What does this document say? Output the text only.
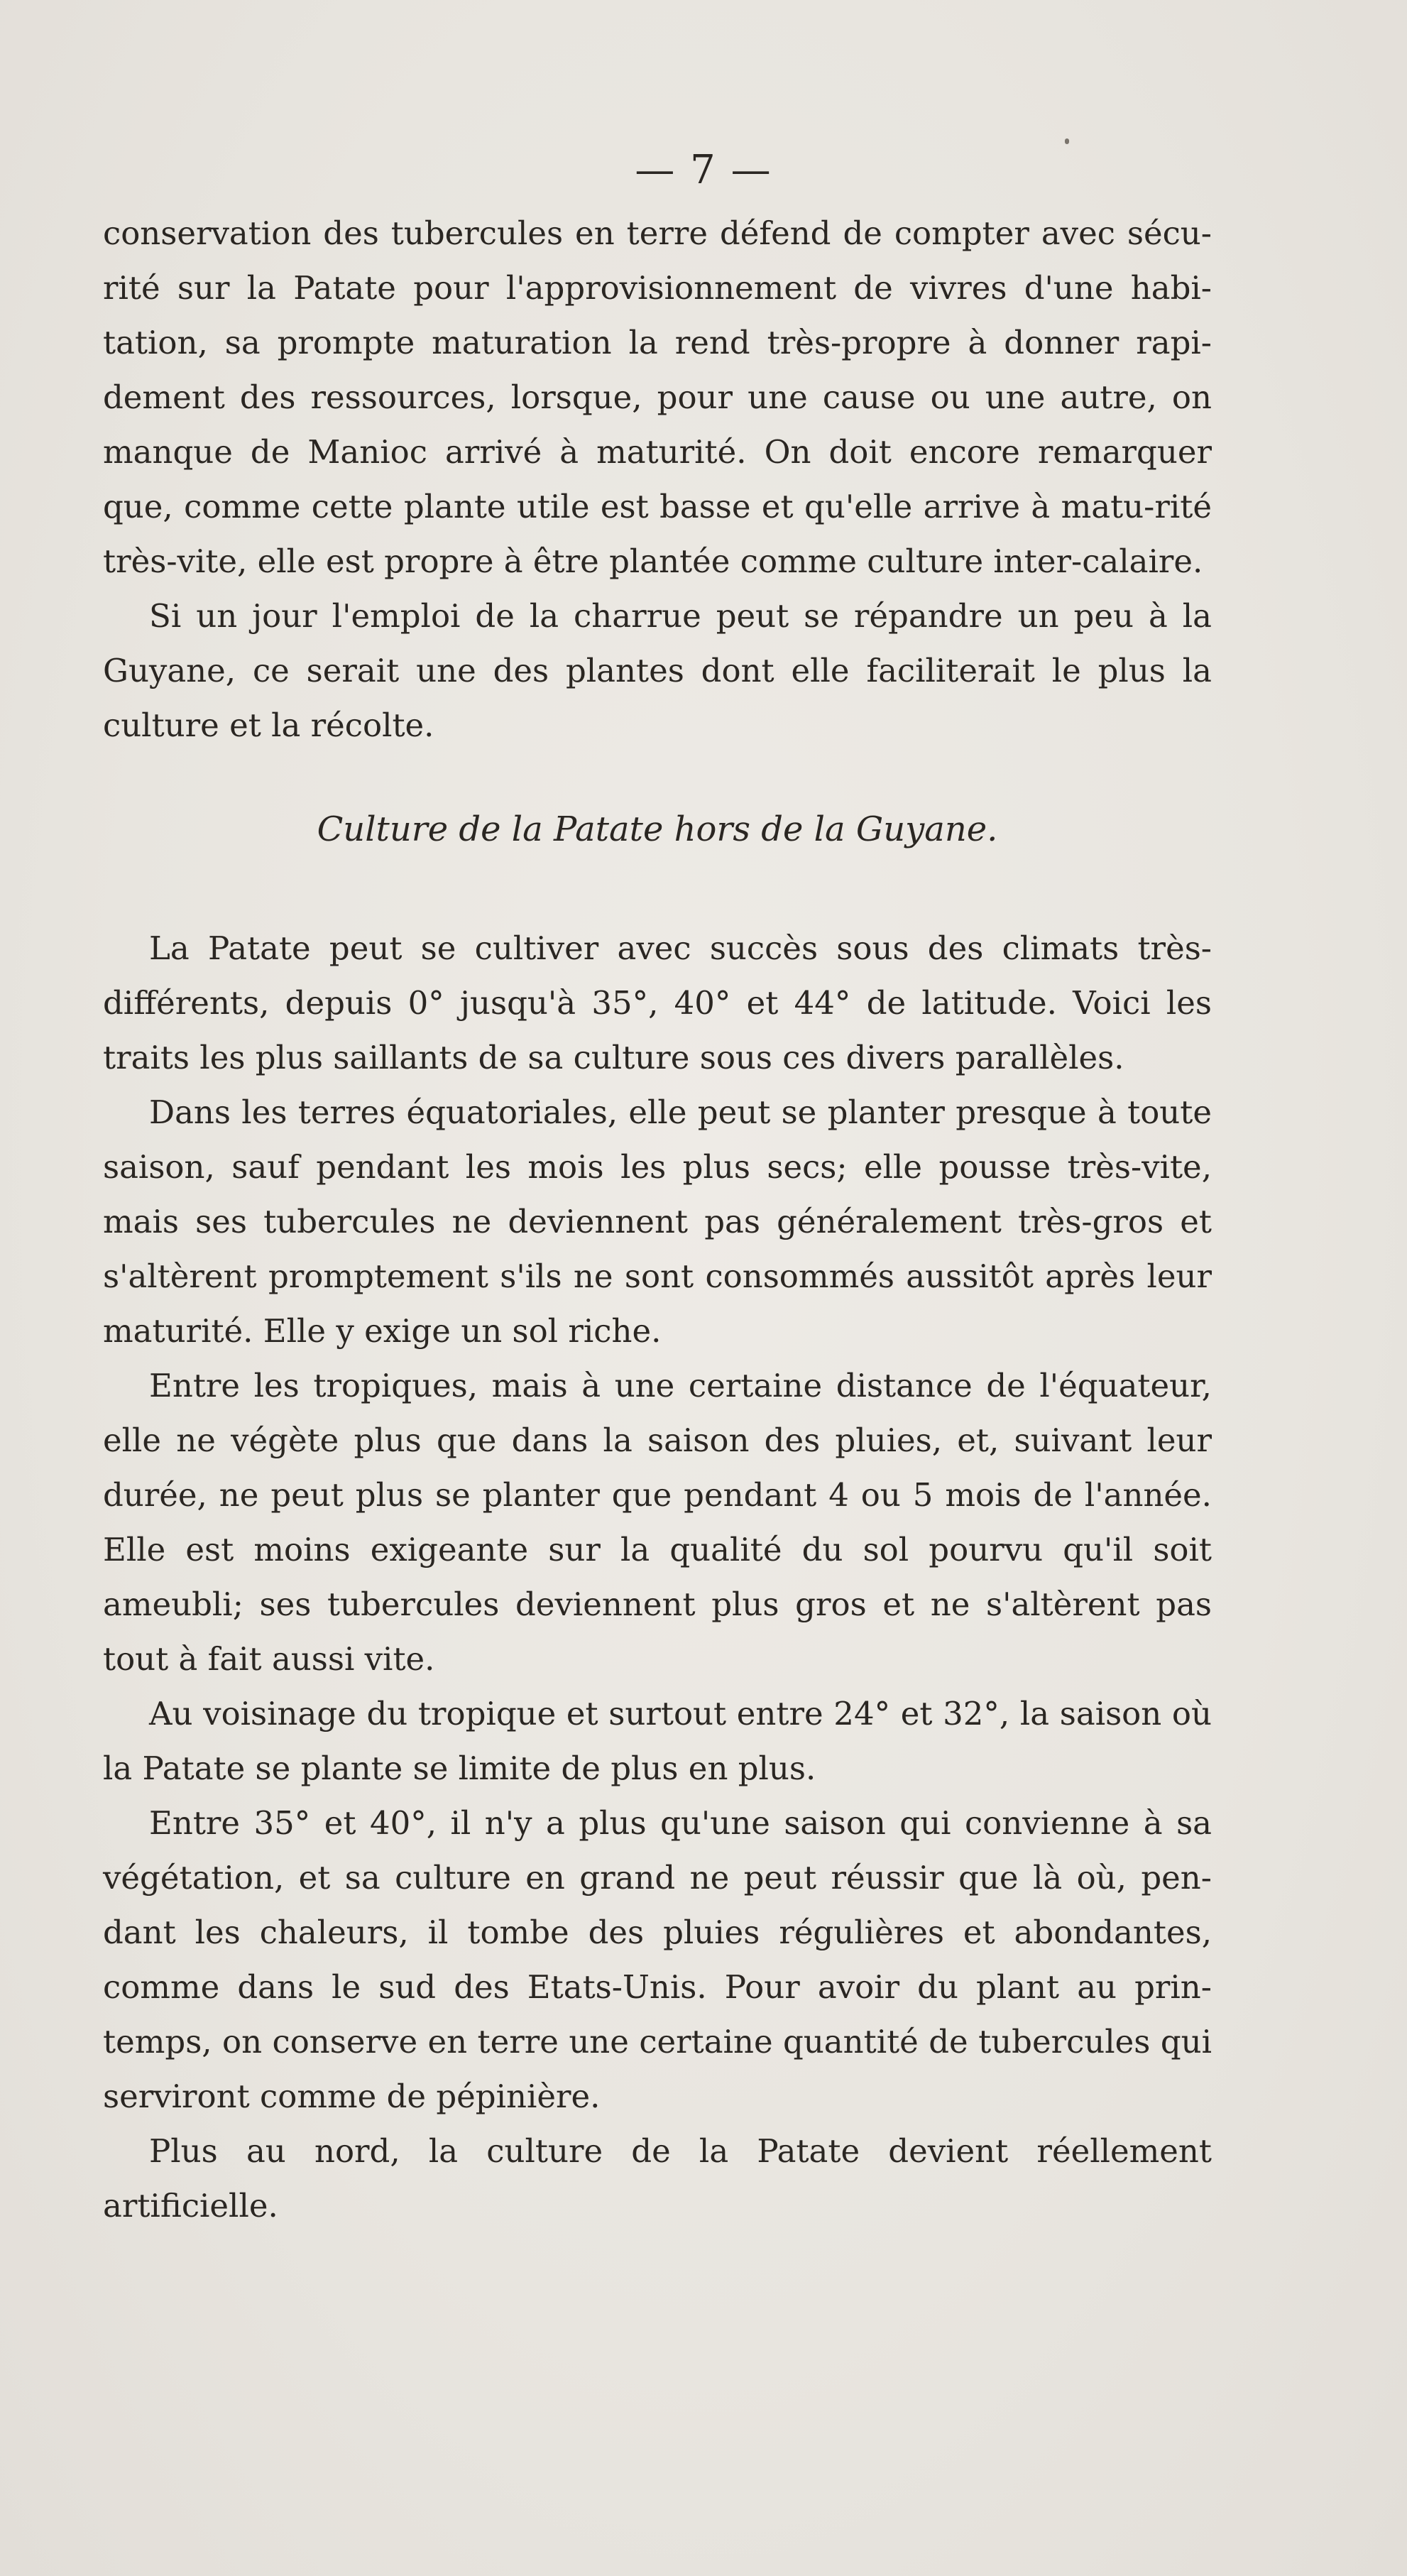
— 7 —

conservation des tubercules en terre défend de compter avec sécu-rité sur la Patate pour l'approvisionnement de vivres d'une habi-tation, sa prompte maturation la rend très-propre à donner rapi-dement des ressources, lorsque, pour une cause ou une autre, on manque de Manioc arrivé à maturité. On doit encore remarquer que, comme cette plante utile est basse et qu'elle arrive à matu-rité très-vite, elle est propre à être plantée comme culture inter-calaire.

Si un jour l'emploi de la charrue peut se répandre un peu à la Guyane, ce serait une des plantes dont elle faciliterait le plus la culture et la récolte.

Culture de la Patate hors de la Guyane.

La Patate peut se cultiver avec succès sous des climats très-différents, depuis 0° jusqu'à 35°, 40° et 44° de latitude. Voici les traits les plus saillants de sa culture sous ces divers parallèles.

Dans les terres équatoriales, elle peut se planter presque à toute saison, sauf pendant les mois les plus secs; elle pousse très-vite, mais ses tubercules ne deviennent pas généralement très-gros et s'altèrent promptement s'ils ne sont consommés aussitôt après leur maturité. Elle y exige un sol riche.

Entre les tropiques, mais à une certaine distance de l'équateur, elle ne végète plus que dans la saison des pluies, et, suivant leur durée, ne peut plus se planter que pendant 4 ou 5 mois de l'année. Elle est moins exigeante sur la qualité du sol pourvu qu'il soit ameubli; ses tubercules deviennent plus gros et ne s'altèrent pas tout à fait aussi vite.

Au voisinage du tropique et surtout entre 24° et 32°, la saison où la Patate se plante se limite de plus en plus.

Entre 35° et 40°, il n'y a plus qu'une saison qui convienne à sa végétation, et sa culture en grand ne peut réussir que là où, pen-dant les chaleurs, il tombe des pluies régulières et abondantes, comme dans le sud des Etats-Unis. Pour avoir du plant au prin-temps, on conserve en terre une certaine quantité de tubercules qui serviront comme de pépinière.

Plus au nord, la culture de la Patate devient réellement artificielle.
